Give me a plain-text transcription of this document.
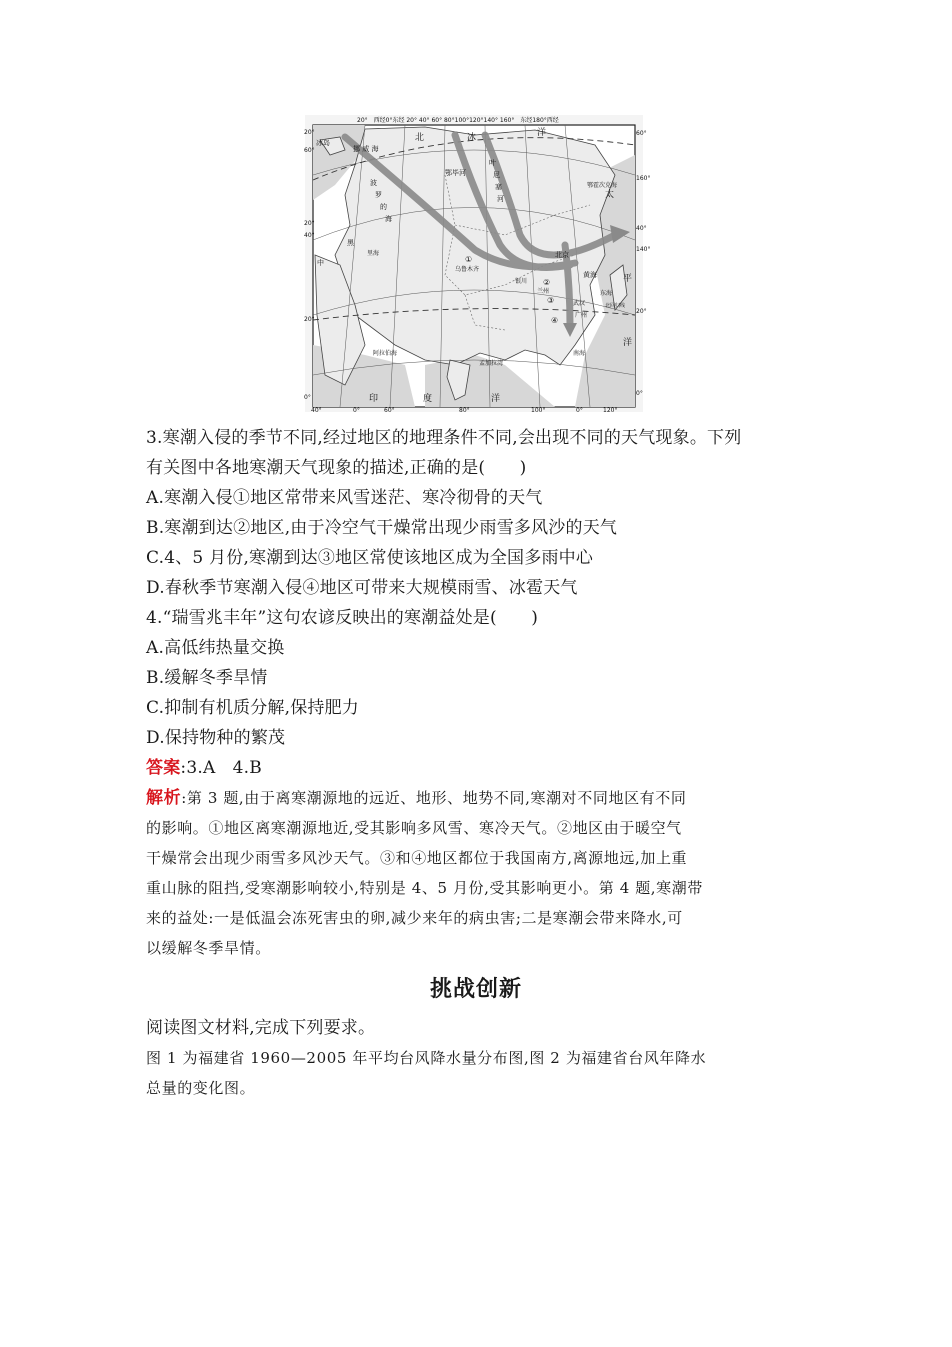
20°　西经0°东经 20° 40° 60° 80°100°120°140° 160°　东经180°西经
40°	0°	60°	80°	100°	0°	120°
20°
60°
20°
40°
20°
0°
60°
160°
40°
140°
20°
0°
冰岛
挪 威 海
北	冰	洋
鄂毕河
叶
尼
塞
河
鄂霍次克海
太
波
罗
的
海
黑
里海
中
乌鲁木齐
北京
黄海	平
银川
兰州
武汉
东海
广州
北回归线
阿拉伯海
孟加拉湾
南海
洋
印	度	洋
①
②
③
④
3.寒潮入侵的季节不同,经过地区的地理条件不同,会出现不同的天气现象。下列
有关图中各地寒潮天气现象的描述,正确的是(　　)
A.寒潮入侵①地区常带来风雪迷茫、寒冷彻骨的天气
B.寒潮到达②地区,由于冷空气干燥常出现少雨雪多风沙的天气
C.4、5 月份,寒潮到达③地区常使该地区成为全国多雨中心
D.春秋季节寒潮入侵④地区可带来大规模雨雪、冰雹天气
4.“瑞雪兆丰年”这句农谚反映出的寒潮益处是(　　)
A.高低纬热量交换
B.缓解冬季旱情
C.抑制有机质分解,保持肥力
D.保持物种的繁茂
答案:3.A　4.B
解析:第 3 题,由于离寒潮源地的远近、地形、地势不同,寒潮对不同地区有不同
的影响。①地区离寒潮源地近,受其影响多风雪、寒冷天气。②地区由于暖空气
干燥常会出现少雨雪多风沙天气。③和④地区都位于我国南方,离源地远,加上重
重山脉的阻挡,受寒潮影响较小,特别是 4、5 月份,受其影响更小。第 4 题,寒潮带
来的益处:一是低温会冻死害虫的卵,减少来年的病虫害;二是寒潮会带来降水,可
以缓解冬季旱情。
挑战创新
阅读图文材料,完成下列要求。
图 1 为福建省 1960—2005 年平均台风降水量分布图,图 2 为福建省台风年降水
总量的变化图。
